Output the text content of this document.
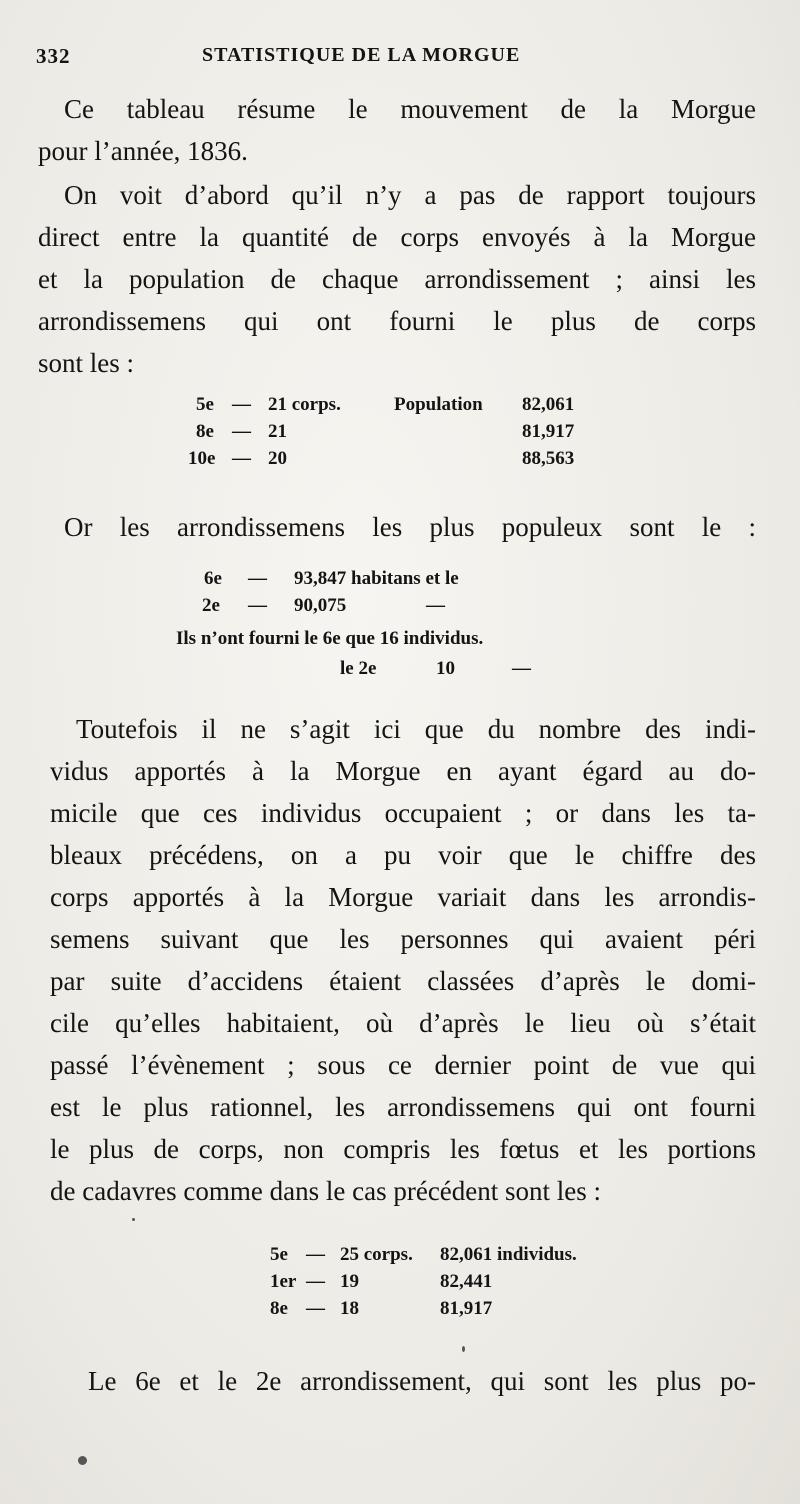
332	STATISTIQUE DE LA MORGUE
Ce tableau résume le mouvement de la Morgue
pour l’année, 1836.
On voit d’abord qu’il n’y a pas de rapport toujours
direct entre la quantité de corps envoyés à la Morgue
et la population de chaque arrondissement ; ainsi les
arrondissemens qui ont fourni le plus de corps
sont les :
5e — 21 corps.	Population 82,061
8e — 21	81,917
10e — 20	88,563
Or les arrondissemens les plus populeux sont le :
6e — 93,847 habitans et le
2e — 90,075	—
Ils n’ont fourni le 6e que 16 individus.
le 2e	10	—
Toutefois il ne s’agit ici que du nombre des indi-
vidus apportés à la Morgue en ayant égard au do-
micile que ces individus occupaient ; or dans les ta-
bleaux précédens, on a pu voir que le chiffre des
corps apportés à la Morgue variait dans les arrondis-
semens suivant que les personnes qui avaient péri
par suite d’accidens étaient classées d’après le domi-
cile qu’elles habitaient, où d’après le lieu où s’était
passé l’évènement ; sous ce dernier point de vue qui
est le plus rationnel, les arrondissemens qui ont fourni
le plus de corps, non compris les fœtus et les portions
de cadavres comme dans le cas précédent sont les :
5e — 25 corps. 82,061 individus.
1er — 19	82,441
8e — 18	81,917
Le 6e et le 2e arrondissement, qui sont les plus po-
